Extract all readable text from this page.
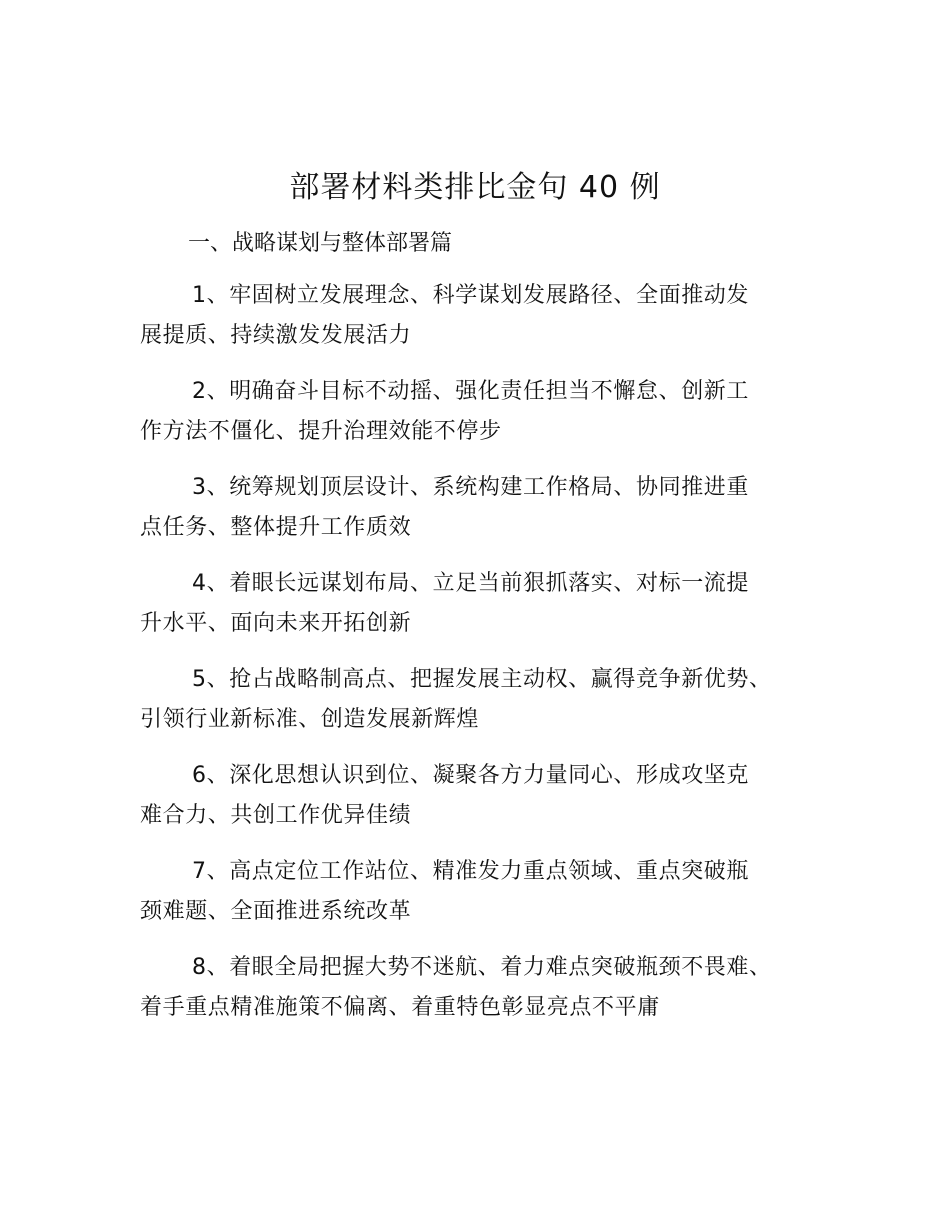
部署材料类排比金句 40 例

一、战略谋划与整体部署篇

1、牢固树立发展理念、科学谋划发展路径、全面推动发
展提质、持续激发发展活力

2、明确奋斗目标不动摇、强化责任担当不懈怠、创新工
作方法不僵化、提升治理效能不停步

3、统筹规划顶层设计、系统构建工作格局、协同推进重
点任务、整体提升工作质效

4、着眼长远谋划布局、立足当前狠抓落实、对标一流提
升水平、面向未来开拓创新

5、抢占战略制高点、把握发展主动权、赢得竞争新优势、
引领行业新标准、创造发展新辉煌

6、深化思想认识到位、凝聚各方力量同心、形成攻坚克
难合力、共创工作优异佳绩

7、高点定位工作站位、精准发力重点领域、重点突破瓶
颈难题、全面推进系统改革

8、着眼全局把握大势不迷航、着力难点突破瓶颈不畏难、
着手重点精准施策不偏离、着重特色彰显亮点不平庸
